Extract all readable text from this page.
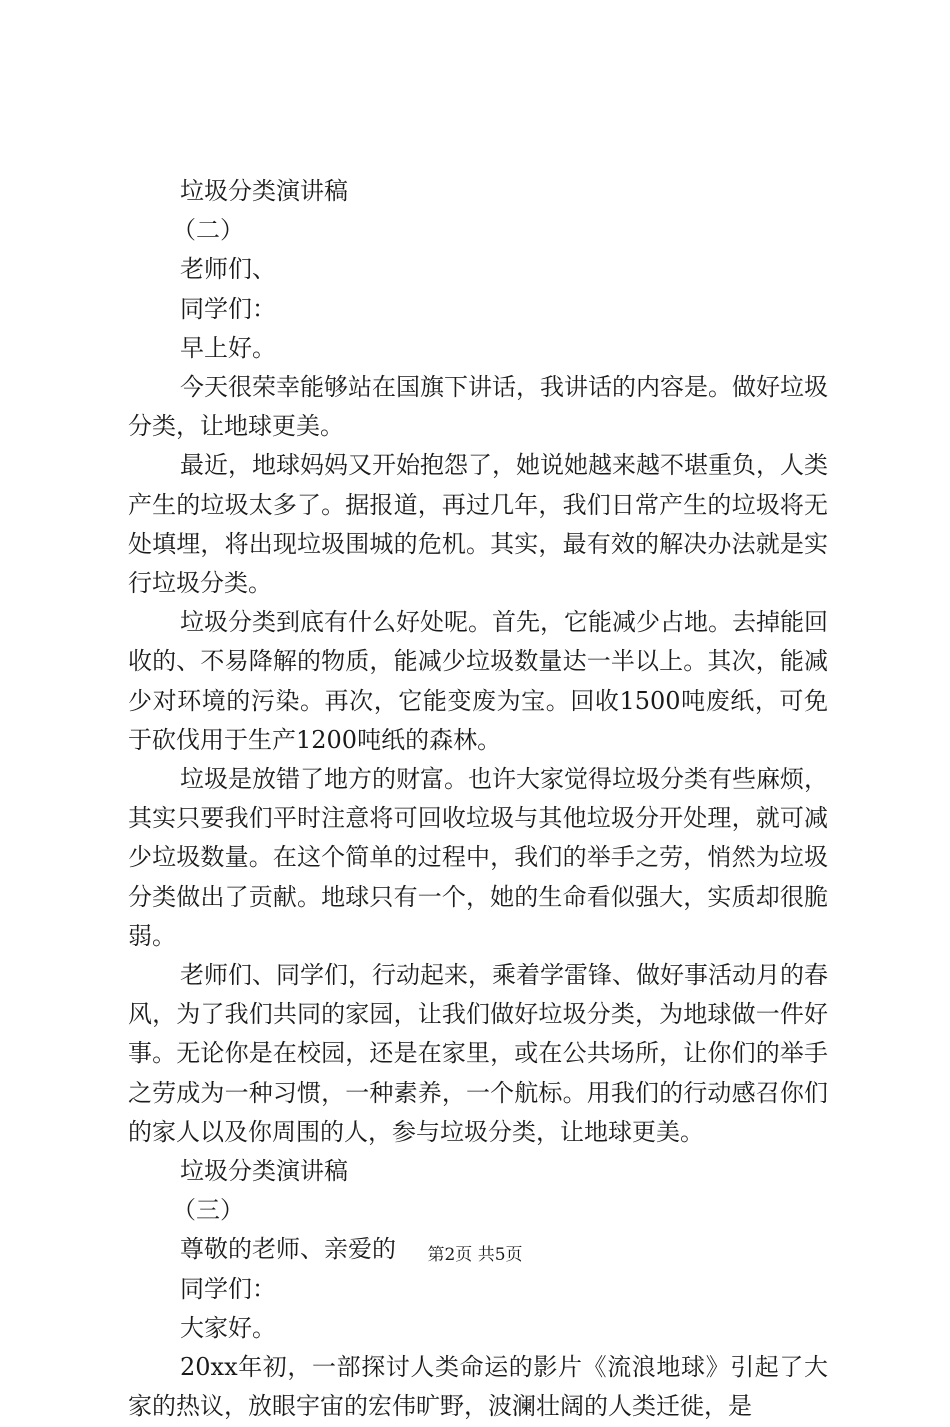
垃圾分类演讲稿

（二）

老师们、

同学们：

早上好。

今天很荣幸能够站在国旗下讲话，我讲话的内容是。做好垃圾分类，让地球更美。

最近，地球妈妈又开始抱怨了，她说她越来越不堪重负，人类产生的垃圾太多了。据报道，再过几年，我们日常产生的垃圾将无处填埋，将出现垃圾围城的危机。其实，最有效的解决办法就是实行垃圾分类。

垃圾分类到底有什么好处呢。首先，它能减少占地。去掉能回收的、不易降解的物质，能减少垃圾数量达一半以上。其次，能减少对环境的污染。再次，它能变废为宝。回收1500吨废纸，可免于砍伐用于生产1200吨纸的森林。

垃圾是放错了地方的财富。也许大家觉得垃圾分类有些麻烦，其实只要我们平时注意将可回收垃圾与其他垃圾分开处理，就可减少垃圾数量。在这个简单的过程中，我们的举手之劳，悄然为垃圾分类做出了贡献。地球只有一个，她的生命看似强大，实质却很脆弱。

老师们、同学们，行动起来，乘着学雷锋、做好事活动月的春风，为了我们共同的家园，让我们做好垃圾分类，为地球做一件好事。无论你是在校园，还是在家里，或在公共场所，让你们的举手之劳成为一种习惯，一种素养，一个航标。用我们的行动感召你们的家人以及你周围的人，参与垃圾分类，让地球更美。

垃圾分类演讲稿

（三）

尊敬的老师、亲爱的

同学们：

大家好。

20xx年初，一部探讨人类命运的影片《流浪地球》引起了大家的热议，放眼宇宙的宏伟旷野，波澜壮阔的人类迁徙，是

第2页 共5页
